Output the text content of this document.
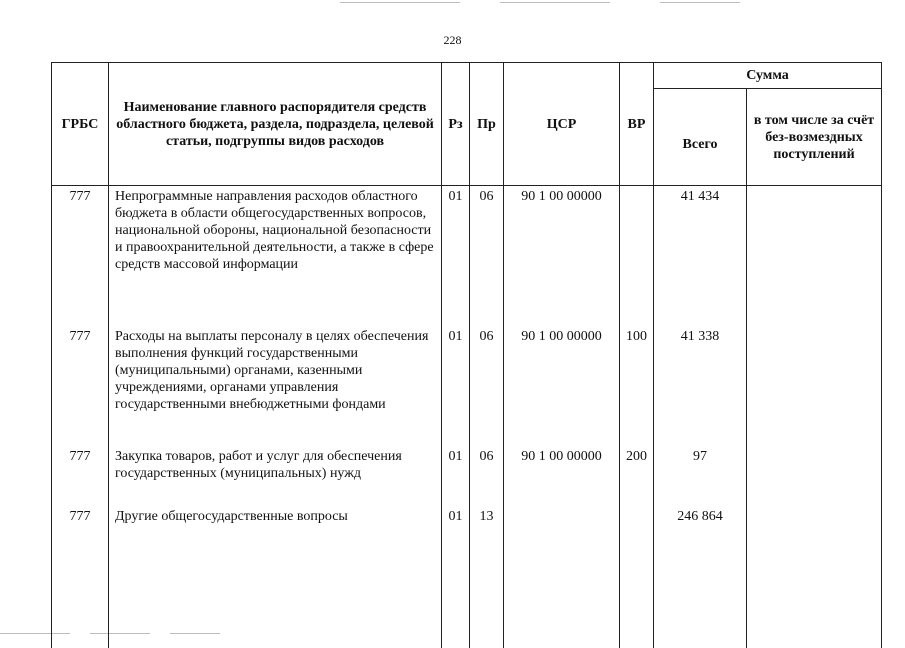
228
ГРБС	Наименование главного распорядителя средств областного бюджета, раздела, подраздела, целевой статьи, подгруппы видов расходов	Рз	Пр	ЦСР	ВР	Сумма	
						Всего	в том числе за счёт без-возмездных поступлений
777	Непрограммные направления расходов областного бюджета в области общегосударственных вопросов, национальной обороны, национальной безопасности и правоохранительной деятельности, а также в сфере средств массовой информации	01	06	90 1 00 00000		41 434	
777	Расходы на выплаты персоналу в целях обеспечения выполнения функций государственными (муниципальными) органами, казенными учреждениями, органами управления государственными внебюджетными фондами	01	06	90 1 00 00000	100	41 338	
777	Закупка товаров, работ и услуг для обеспечения государственных (муниципальных) нужд	01	06	90 1 00 00000	200	97	
777	Другие общегосударственные вопросы	01	13			246 864	
